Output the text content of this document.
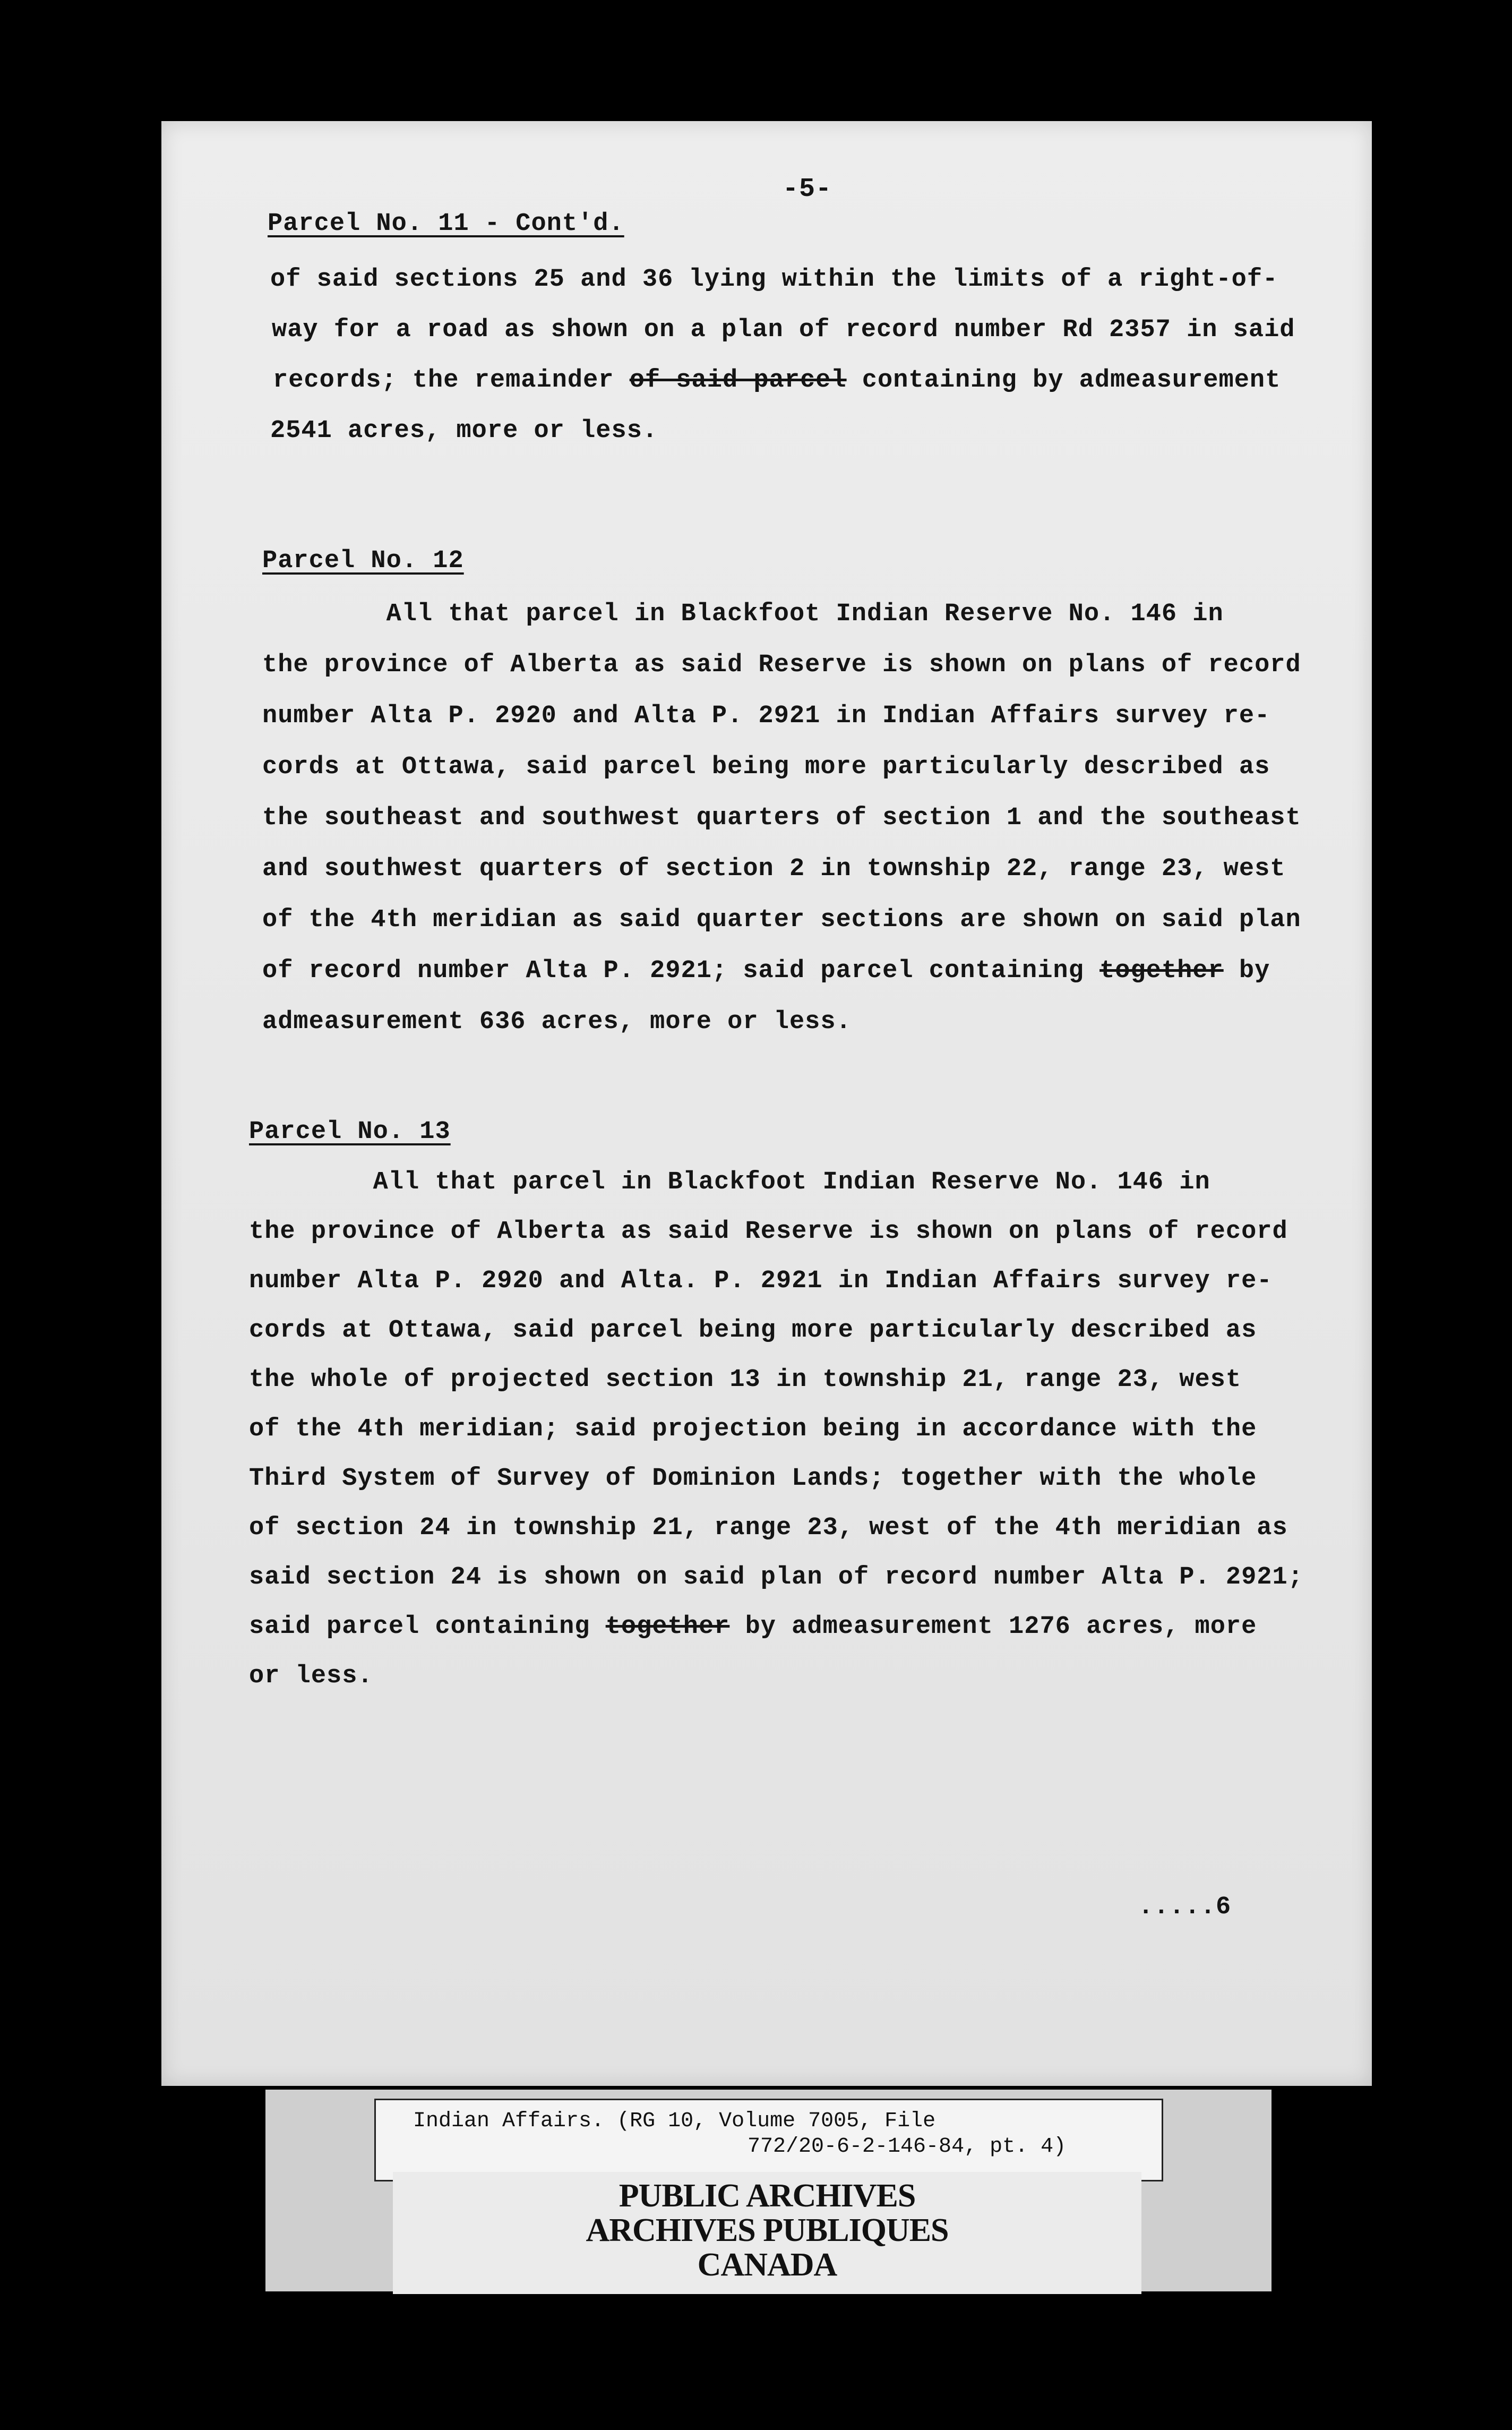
-5-
.....6
Parcel No. 11 - Cont'd.
of said sections 25 and 36 lying within the limits of a right-of-
way for a road as shown on a plan of record number Rd 2357 in said
records; the remainder of said parcel containing by admeasurement
2541 acres, more or less.
Parcel No. 12
All that parcel in Blackfoot Indian Reserve No. 146 in
the province of Alberta as said Reserve is shown on plans of record
number Alta P. 2920 and Alta P. 2921 in Indian Affairs survey re-
cords at Ottawa, said parcel being more particularly described as
the southeast and southwest quarters of section 1 and the southeast
and southwest quarters of section 2 in township 22, range 23, west
of the 4th meridian as said quarter sections are shown on said plan
of record number Alta P. 2921; said parcel containing together by
admeasurement 636 acres, more or less.
Parcel No. 13
All that parcel in Blackfoot Indian Reserve No. 146 in
the province of Alberta as said Reserve is shown on plans of record
number Alta P. 2920 and Alta. P. 2921 in Indian Affairs survey re-
cords at Ottawa, said parcel being more particularly described as
the whole of projected section 13 in township 21, range 23, west
of the 4th meridian; said projection being in accordance with the
Third System of Survey of Dominion Lands; together with the whole
of section 24 in township 21, range 23, west of the 4th meridian as
said section 24 is shown on said plan of record number Alta P. 2921;
said parcel containing together by admeasurement 1276 acres, more
or less.
Indian Affairs. (RG 10, Volume 7005, File
772/20-6-2-146-84, pt. 4)
PUBLIC ARCHIVES
ARCHIVES PUBLIQUES
CANADA
